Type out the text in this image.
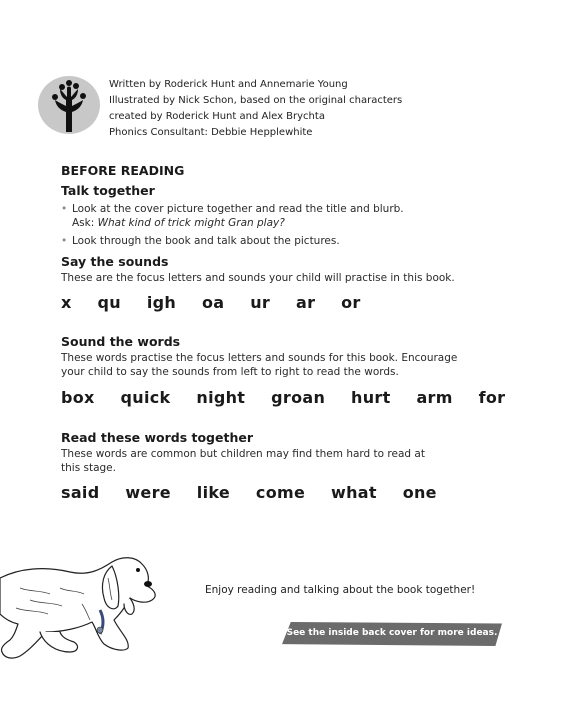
Written by Roderick Hunt and Annemarie Young
Illustrated by Nick Schon, based on the original characters
created by Roderick Hunt and Alex Brychta
Phonics Consultant: Debbie Hepplewhite
BEFORE READING
Talk together
• Look at the cover picture together and read the title and blurb.
Ask: What kind of trick might Gran play?
• Look through the book and talk about the pictures.
Say the sounds
These are the focus letters and sounds your child will practise in this book.
x qu igh oa ur ar or
Sound the words
These words practise the focus letters and sounds for this book. Encourage
your child to say the sounds from left to right to read the words.
box quick night groan hurt arm for
Read these words together
These words are common but children may find them hard to read at
this stage.
said were like come what one
Enjoy reading and talking about the book together!
See the inside back cover for more ideas.
